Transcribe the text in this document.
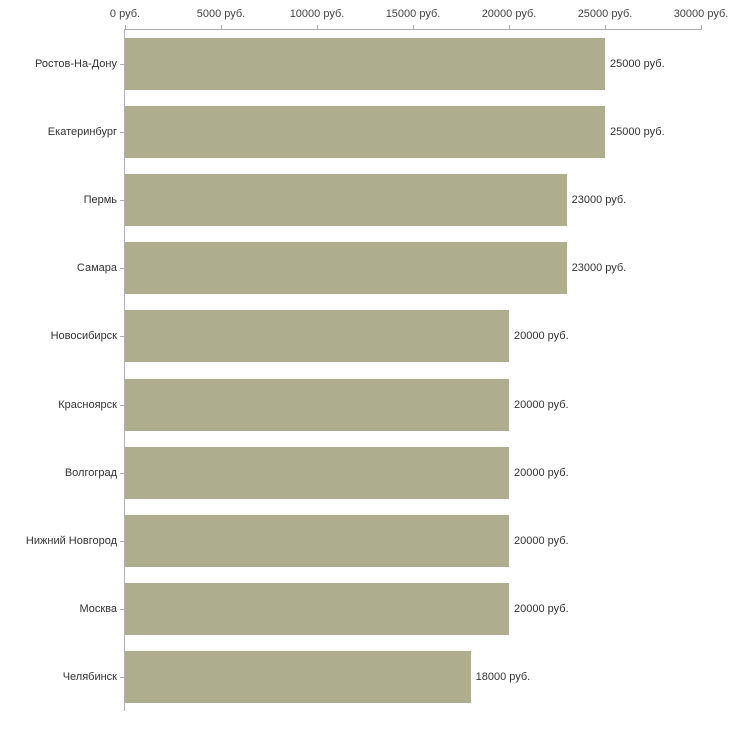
0 руб.	5000 руб.	10000 руб.	15000 руб.	20000 руб.	25000 руб.	30000 руб.
Ростов-На-Дону
Екатеринбург
Пермь
Самара
Новосибирск
Красноярск
Волгоград
Нижний Новгород
Москва
Челябинск
25000 руб.
25000 руб.
23000 руб.
23000 руб.
20000 руб.
20000 руб.
20000 руб.
20000 руб.
20000 руб.
18000 руб.
